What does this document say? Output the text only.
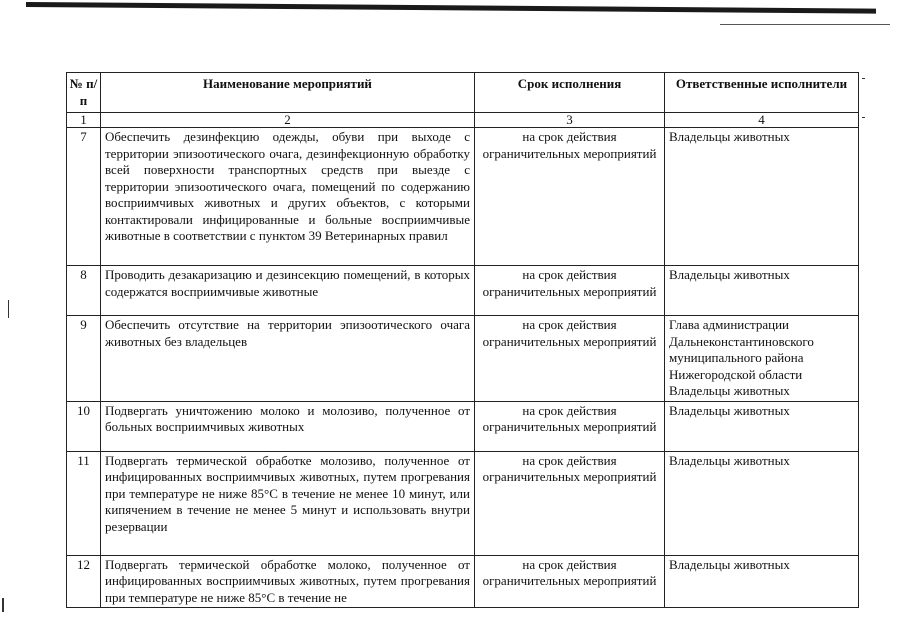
№ п/п	Наименование мероприятий	Срок исполнения	Ответственные исполнители
1	2	3	4
7	Обеспечить дезинфекцию одежды, обуви при выходе с территории эпизоотического очага, дезинфекционную обработку всей поверхности транспортных средств при выезде с территории эпизоотического очага, помещений по содержанию восприимчивых животных и других объектов, с которыми контактировали инфицированные и больные восприимчивые животные в соответствии с пунктом 39 Ветеринарных правил	на срок действия ограничительных мероприятий	Владельцы животных
8	Проводить дезакаризацию и дезинсекцию помещений, в которых содержатся восприимчивые животные	на срок действия ограничительных мероприятий	Владельцы животных
9	Обеспечить отсутствие на территории эпизоотического очага животных без владельцев	на срок действия ограничительных мероприятий	Глава администрации Дальнеконстантиновского муниципального района Нижегородской области Владельцы животных
10	Подвергать уничтожению молоко и молозиво, полученное от больных восприимчивых животных	на срок действия ограничительных мероприятий	Владельцы животных
11	Подвергать термической обработке молозиво, полученное от инфицированных восприимчивых животных, путем прогревания при температуре не ниже 85°С в течение не менее 10 минут, или кипячением в течение не менее 5 минут и использовать внутри резервации	на срок действия ограничительных мероприятий	Владельцы животных
12	Подвергать термической обработке молоко, полученное от инфицированных восприимчивых животных, путем прогревания при температуре не ниже 85°С в течение не	на срок действия ограничительных мероприятий	Владельцы животных
